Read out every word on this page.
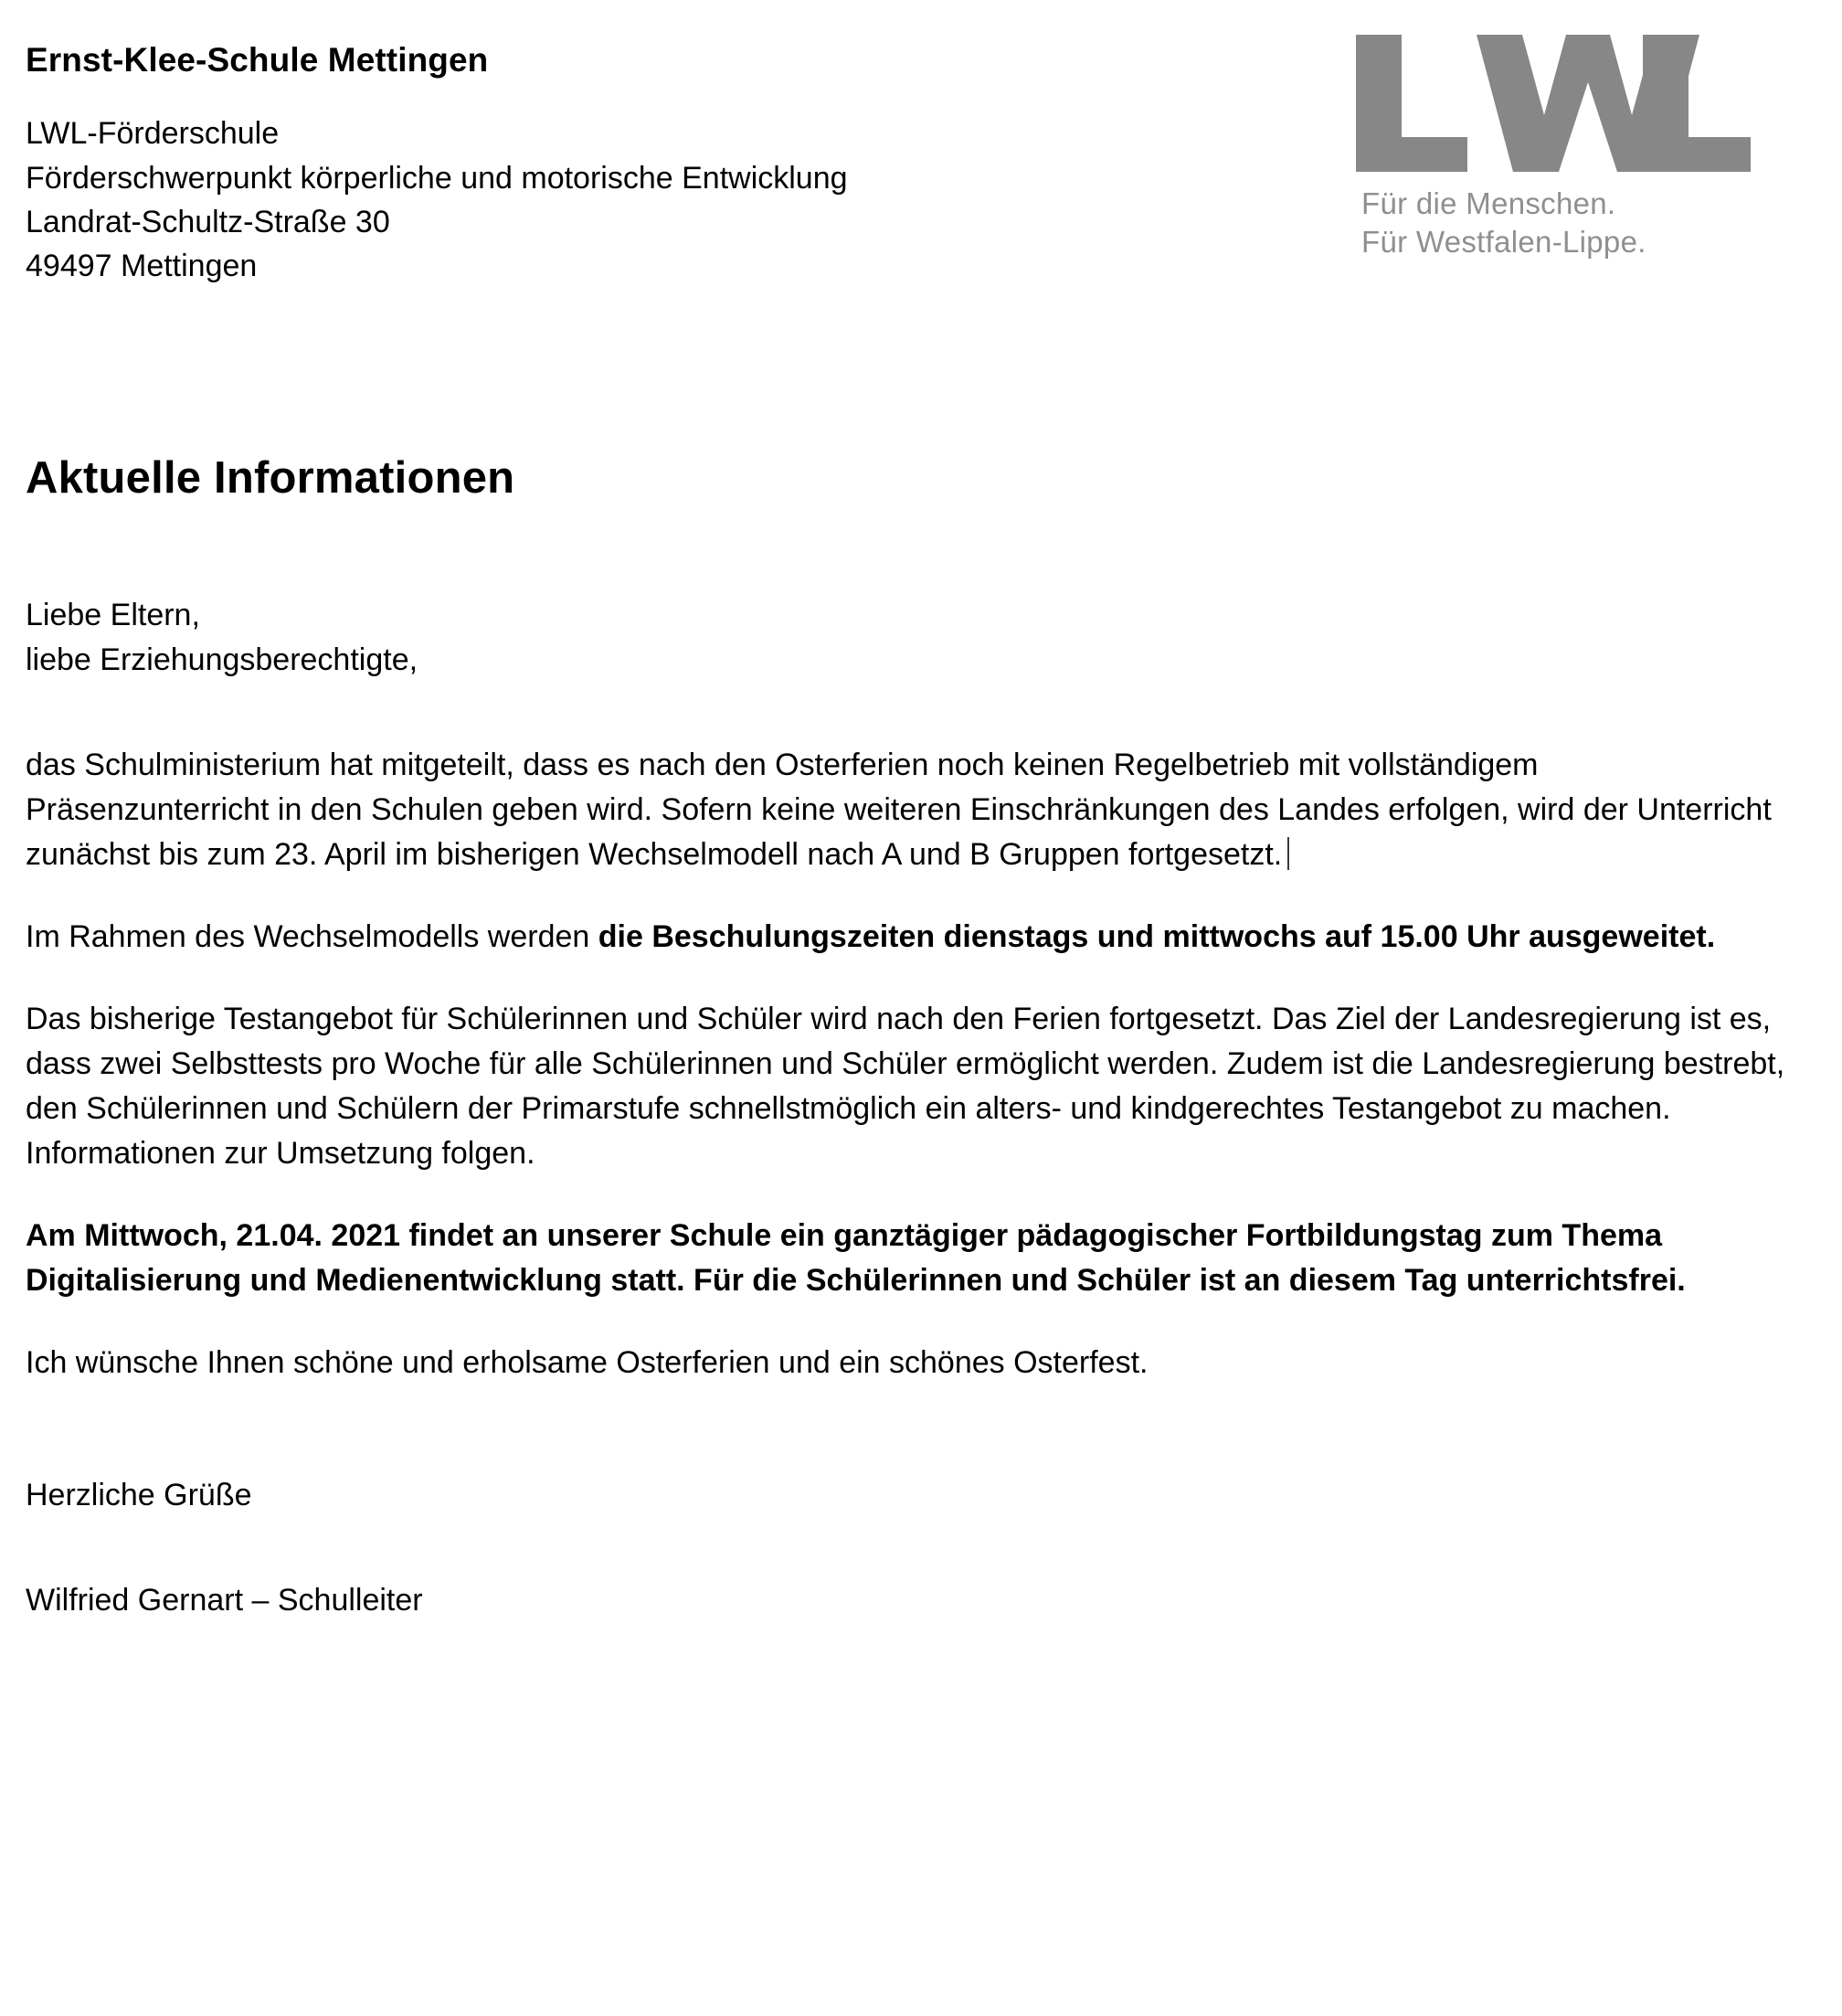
Ernst-Klee-Schule Mettingen

LWL-Förderschule

Förderschwerpunkt körperliche und motorische Entwicklung

Landrat-Schultz-Straße 30

49497 Mettingen

Für die Menschen.

Für Westfalen-Lippe.

Aktuelle Informationen

Liebe Eltern,

liebe Erziehungsberechtigte,

das Schulministerium hat mitgeteilt, dass es nach den Osterferien noch keinen Regelbetrieb mit vollständigem Präsenzunterricht in den Schulen geben wird. Sofern keine weiteren Einschränkungen des Landes erfolgen, wird der Unterricht zunächst bis zum 23. April im bisherigen Wechselmodell nach A und B Gruppen fortgesetzt.

Im Rahmen des Wechselmodells werden die Beschulungszeiten dienstags und mittwochs auf 15.00 Uhr ausgeweitet.

Das bisherige Testangebot für Schülerinnen und Schüler wird nach den Ferien fortgesetzt. Das Ziel der Landesregierung ist es, dass zwei Selbsttests pro Woche für alle Schülerinnen und Schüler ermöglicht werden. Zudem ist die Landesregierung bestrebt, den Schülerinnen und Schülern der Primarstufe schnellstmöglich ein alters- und kindgerechtes Testangebot zu machen. Informationen zur Umsetzung folgen.

Am Mittwoch, 21.04. 2021 findet an unserer Schule ein ganztägiger pädagogischer Fortbildungstag zum Thema Digitalisierung und Medienentwicklung statt. Für die Schülerinnen und Schüler ist an diesem Tag unterrichtsfrei.

Ich wünsche Ihnen schöne und erholsame Osterferien und ein schönes Osterfest.

Herzliche Grüße

Wilfried Gernart – Schulleiter
